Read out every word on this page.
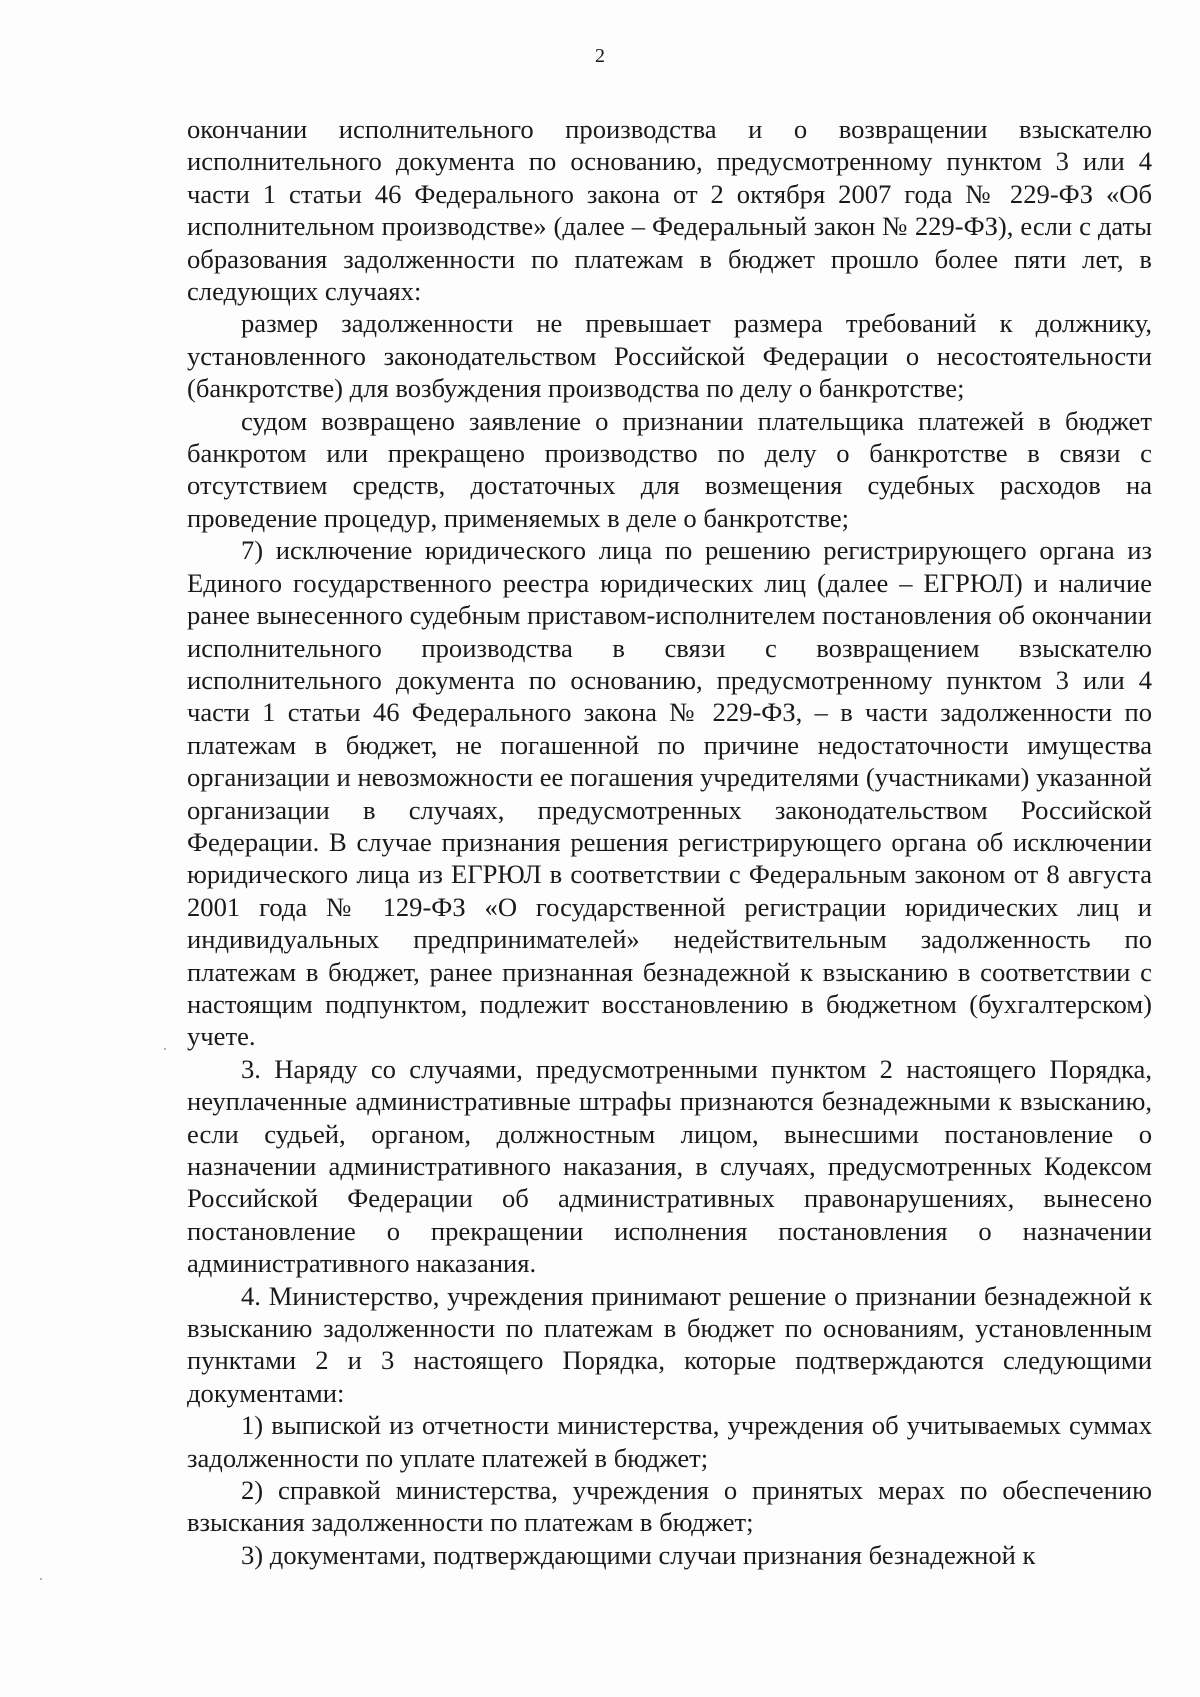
2

окончании исполнительного производства и о возвращении взыскателю исполнительного документа по основанию, предусмотренному пунктом 3 или 4 части 1 статьи 46 Федерального закона от 2 октября 2007 года № 229-ФЗ «Об исполнительном производстве» (далее – Федеральный закон № 229-ФЗ), если с даты образования задолженности по платежам в бюджет прошло более пяти лет, в следующих случаях:

размер задолженности не превышает размера требований к должнику, установленного законодательством Российской Федерации о несостоятельности (банкротстве) для возбуждения производства по делу о банкротстве;

судом возвращено заявление о признании плательщика платежей в бюджет банкротом или прекращено производство по делу о банкротстве в связи с отсутствием средств, достаточных для возмещения судебных расходов на проведение процедур, применяемых в деле о банкротстве;

7) исключение юридического лица по решению регистрирующего органа из Единого государственного реестра юридических лиц (далее – ЕГРЮЛ) и наличие ранее вынесенного судебным приставом-исполнителем постановления об окончании исполнительного производства в связи с возвращением взыскателю исполнительного документа по основанию, предусмотренному пунктом 3 или 4 части 1 статьи 46 Федерального закона № 229-ФЗ, – в части задолженности по платежам в бюджет, не погашенной по причине недостаточности имущества организации и невозможности ее погашения учредителями (участниками) указанной организации в случаях, предусмотренных законодательством Российской Федерации. В случае признания решения регистрирующего органа об исключении юридического лица из ЕГРЮЛ в соответствии с Федеральным законом от 8 августа 2001 года № 129-ФЗ «О государственной регистрации юридических лиц и индивидуальных предпринимателей» недействительным задолженность по платежам в бюджет, ранее признанная безнадежной к взысканию в соответствии с настоящим подпунктом, подлежит восстановлению в бюджетном (бухгалтерском) учете.

3. Наряду со случаями, предусмотренными пунктом 2 настоящего Порядка, неуплаченные административные штрафы признаются безнадежными к взысканию, если судьей, органом, должностным лицом, вынесшими постановление о назначении административного наказания, в случаях, предусмотренных Кодексом Российской Федерации об административных правонарушениях, вынесено постановление о прекращении исполнения постановления о назначении административного наказания.

4. Министерство, учреждения принимают решение о признании безнадежной к взысканию задолженности по платежам в бюджет по основаниям, установленным пунктами 2 и 3 настоящего Порядка, которые подтверждаются следующими документами:

1) выпиской из отчетности министерства, учреждения об учитываемых суммах задолженности по уплате платежей в бюджет;

2) справкой министерства, учреждения о принятых мерах по обеспечению взыскания задолженности по платежам в бюджет;

3) документами, подтверждающими случаи признания безнадежной к
